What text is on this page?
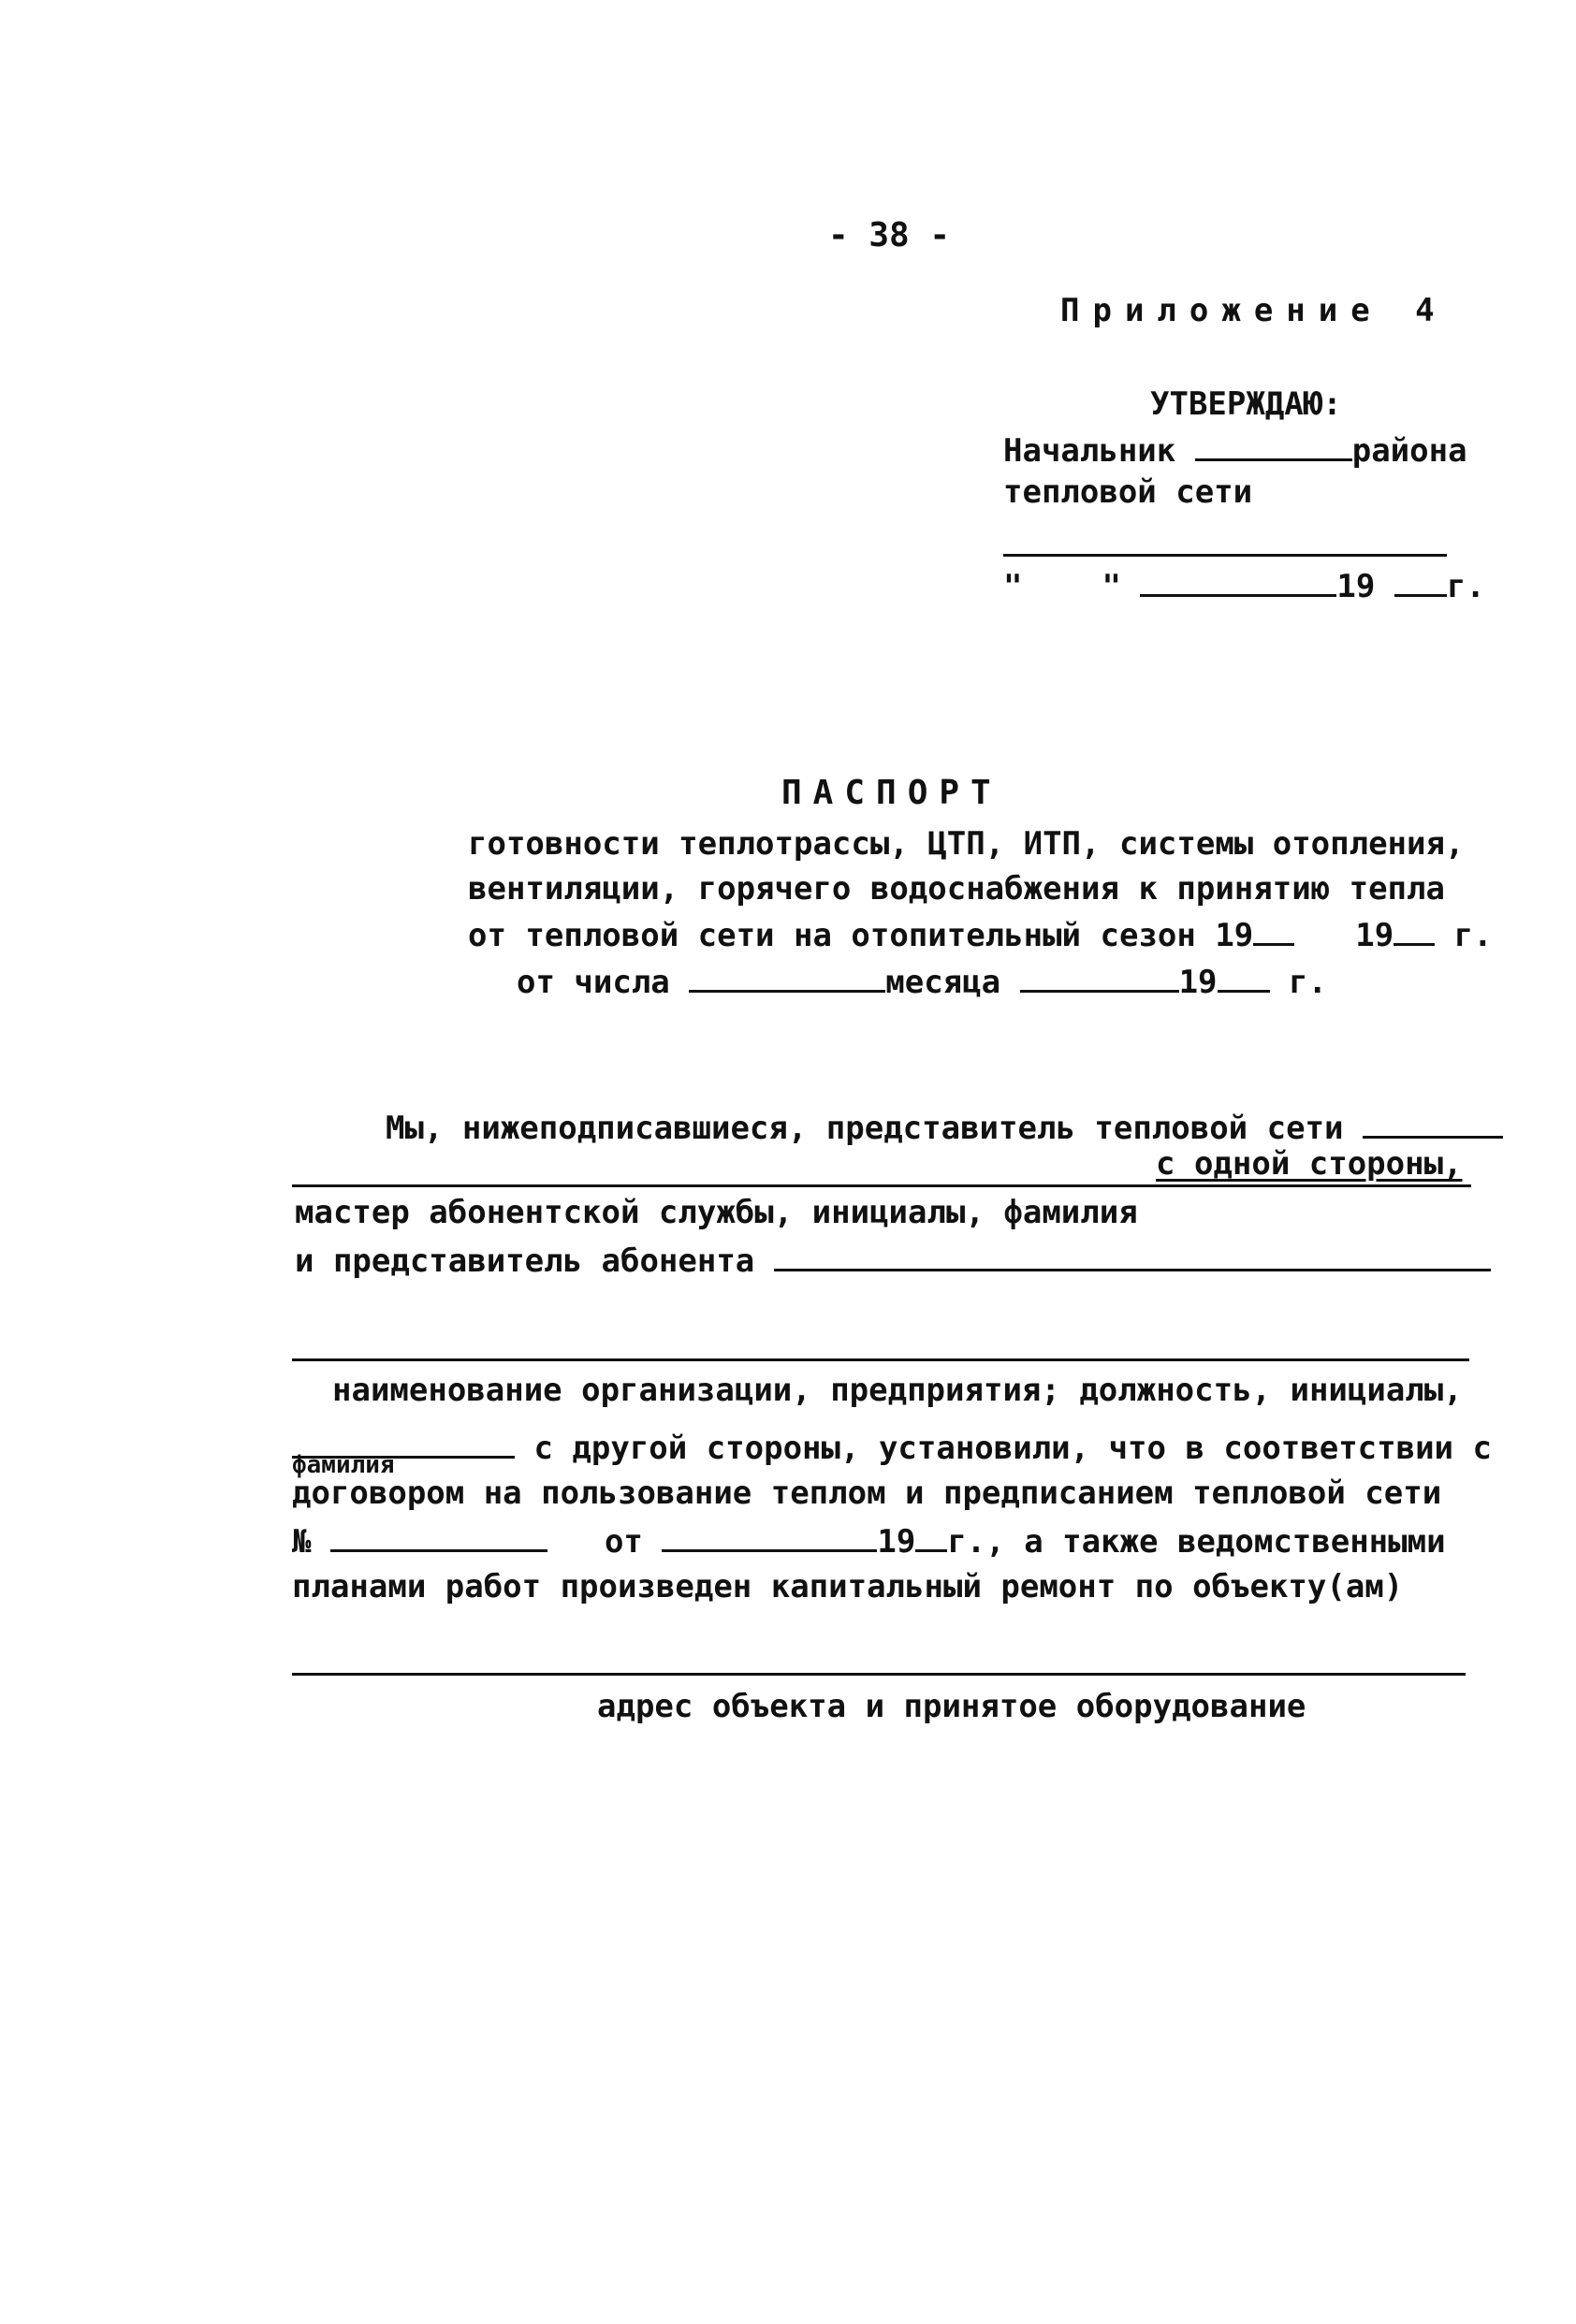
- 38 -
Приложение 4
УТВЕРЖДАЮ:
Начальник	района
тепловой сети
" "	19 г.
ПАСПОРТ
готовности теплотрассы, ЦТП, ИТП, системы отопления,
вентиляции, горячего водоснабжения к принятию тепла
от тепловой сети на отопительный сезон 19	19 г.
от числа	месяца	19 г.
Мы, нижеподписавшиеся, представитель тепловой сети
с одной стороны,
мастер абонентской службы, инициалы, фамилия
и представитель абонента
наименование организации, предприятия; должность, инициалы,
с другой стороны, установили, что в соответствии с
фамилия
договором на пользование теплом и предписанием тепловой сети
№	от	19 г., а также ведомственными
планами работ произведен капитальный ремонт по объекту(ам)
адрес объекта и принятое оборудование
